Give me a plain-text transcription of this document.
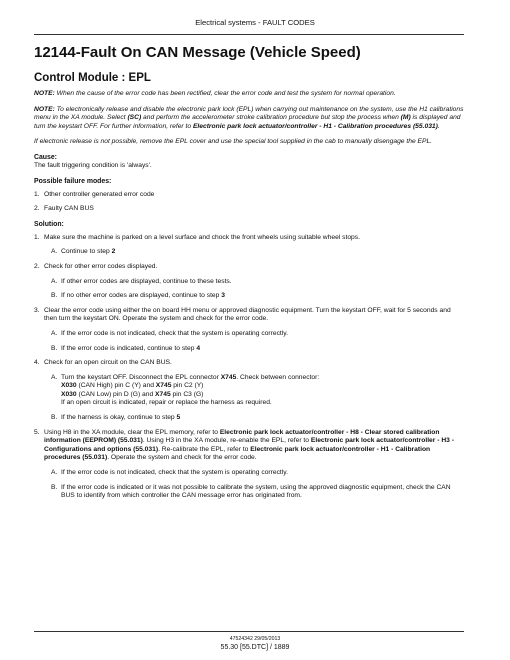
Electrical systems - FAULT CODES
12144-Fault On CAN Message (Vehicle Speed)
Control Module : EPL

NOTE: When the cause of the error code has been rectified, clear the error code and test the system for normal operation.

NOTE: To electronically release and disable the electronic park lock (EPL) when carrying out maintenance on the system, use the H1 calibrations menu in the XA module. Select (SC) and perform the accelerometer stroke calibration procedure but stop the process when (M) is displayed and turn the keystart OFF. For further information, refer to Electronic park lock actuator/controller - H1 - Calibration procedures (55.031).

If electronic release is not possible, remove the EPL cover and use the special tool supplied in the cab to manually disengage the EPL.

Cause:
The fault triggering condition is 'always'.
Possible failure modes:
1. Other controller generated error code
2. Faulty CAN BUS
Solution:
1. Make sure the machine is parked on a level surface and chock the front wheels using suitable wheel stops.
A. Continue to step 2
2. Check for other error codes displayed.
A. If other error codes are displayed, continue to these tests.
B. If no other error codes are displayed, continue to step 3
3. Clear the error code using either the on board HH menu or approved diagnostic equipment. Turn the keystart OFF, wait for 5 seconds and then turn the keystart ON. Operate the system and check for the error code.
A. If the error code is not indicated, check that the system is operating correctly.
B. If the error code is indicated, continue to step 4
4. Check for an open circuit on the CAN BUS.
A. Turn the keystart OFF. Disconnect the EPL connector X745. Check between connector:
X030 (CAN High) pin C (Y) and X745 pin C2 (Y)
X030 (CAN Low) pin D (G) and X745 pin C3 (G)
If an open circuit is indicated, repair or replace the harness as required.
B. If the harness is okay, continue to step 5
5. Using H8 in the XA module, clear the EPL memory, refer to Electronic park lock actuator/controller - H8 - Clear stored calibration information (EEPROM) (55.031). Using H3 in the XA module, re-enable the EPL, refer to Electronic park lock actuator/controller - H3 - Configurations and options (55.031). Re-calibrate the EPL, refer to Electronic park lock actuator/controller - H1 - Calibration procedures (55.031). Operate the system and check for the error code.
A. If the error code is not indicated, check that the system is operating correctly.
B. If the error code is indicated or it was not possible to calibrate the system, using the approved diagnostic equipment, check the CAN BUS to identify from which controller the CAN message error has originated from.
47524342 29/05/2013
55.30 [55.DTC] / 1889
